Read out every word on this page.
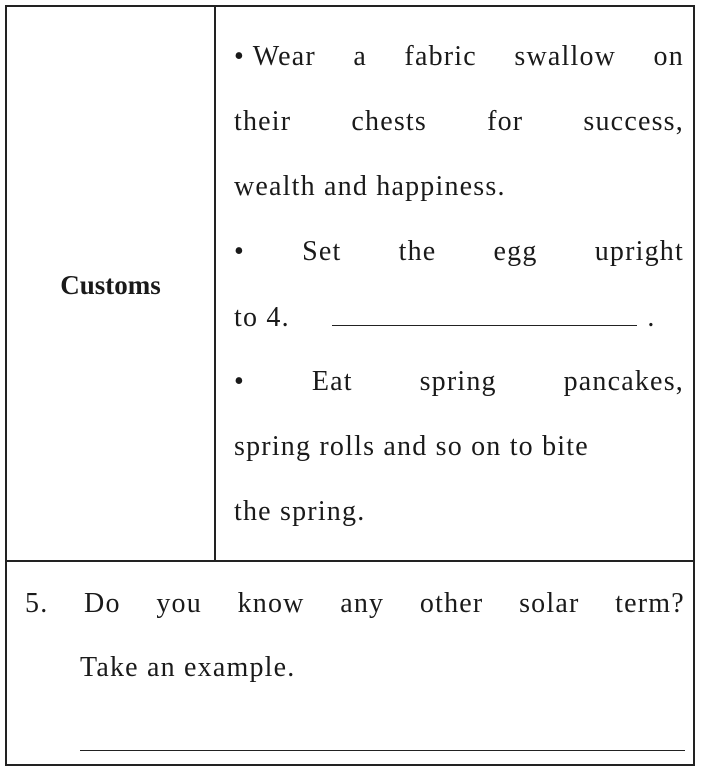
Customs
• Wear a fabric swallow on
their chests for success,
wealth and happiness.
• Set the egg upright
to 4.	.
• Eat spring pancakes,
spring rolls and so on to bite
the spring.
5. Do you know any other solar term?
Take an example.
